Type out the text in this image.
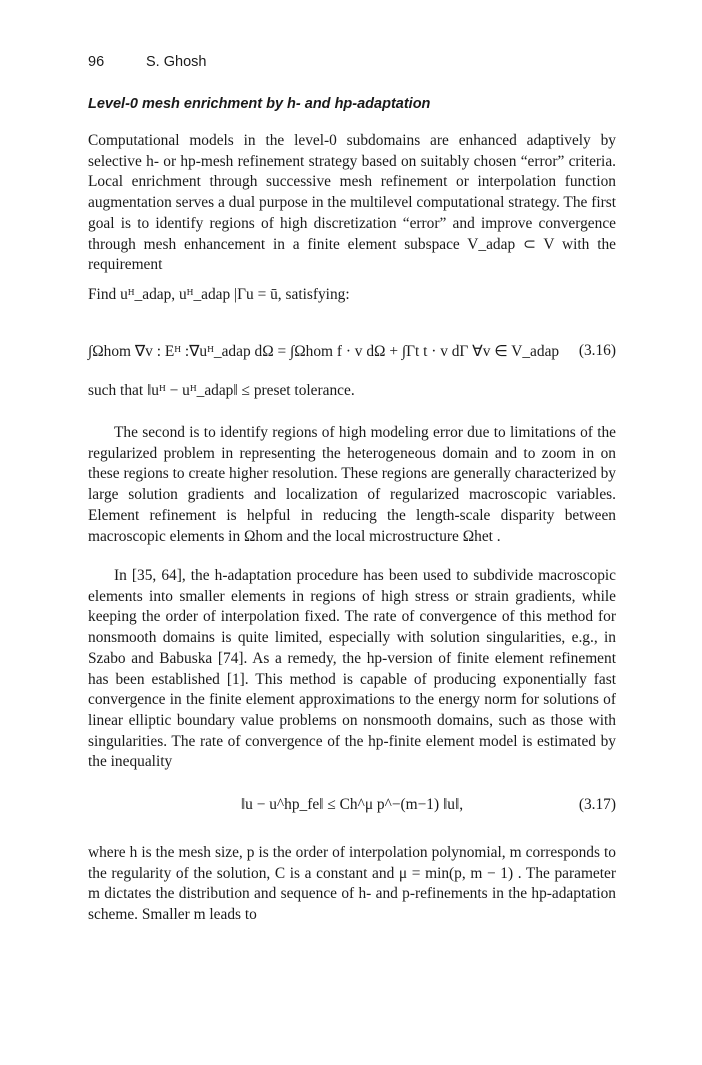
96	S. Ghosh
Level-0 mesh enrichment by h- and hp-adaptation
Computational models in the level-0 subdomains are enhanced adaptively by selective h- or hp-mesh refinement strategy based on suitably chosen “error” criteria. Local enrichment through successive mesh refinement or interpolation function augmentation serves a dual purpose in the multilevel computational strategy. The first goal is to identify regions of high discretization “error” and improve convergence through mesh enhancement in a finite element subspace V_adap ⊂ V with the requirement
Find uᴴ_adap, uᴴ_adap |Γu = ū, satisfying:
∫Ωhom ∇v : Eᴴ :∇uᴴ_adap dΩ = ∫Ωhom f · v dΩ + ∫Γt t · v dΓ ∀v ∈ V_adap (3.16)
such that ‖uᴴ − uᴴ_adap‖ ≤ preset tolerance.
The second is to identify regions of high modeling error due to limitations of the regularized problem in representing the heterogeneous domain and to zoom in on these regions to create higher resolution. These regions are generally characterized by large solution gradients and localization of regularized macroscopic variables. Element refinement is helpful in reducing the length-scale disparity between macroscopic elements in Ωhom and the local microstructure Ωhet .
In [35, 64], the h-adaptation procedure has been used to subdivide macroscopic elements into smaller elements in regions of high stress or strain gradients, while keeping the order of interpolation fixed. The rate of convergence of this method for nonsmooth domains is quite limited, especially with solution singularities, e.g., in Szabo and Babuska [74]. As a remedy, the hp-version of finite element refinement has been established [1]. This method is capable of producing exponentially fast convergence in the finite element approximations to the energy norm for solutions of linear elliptic boundary value problems on nonsmooth domains, such as those with singularities. The rate of convergence of the hp-finite element model is estimated by the inequality
‖u − u^hp_fe‖ ≤ Ch^μ p^−(m−1) ‖u‖,	(3.17)
where h is the mesh size, p is the order of interpolation polynomial, m corresponds to the regularity of the solution, C is a constant and μ = min(p, m − 1) . The parameter m dictates the distribution and sequence of h- and p-refinements in the hp-adaptation scheme. Smaller m leads to
